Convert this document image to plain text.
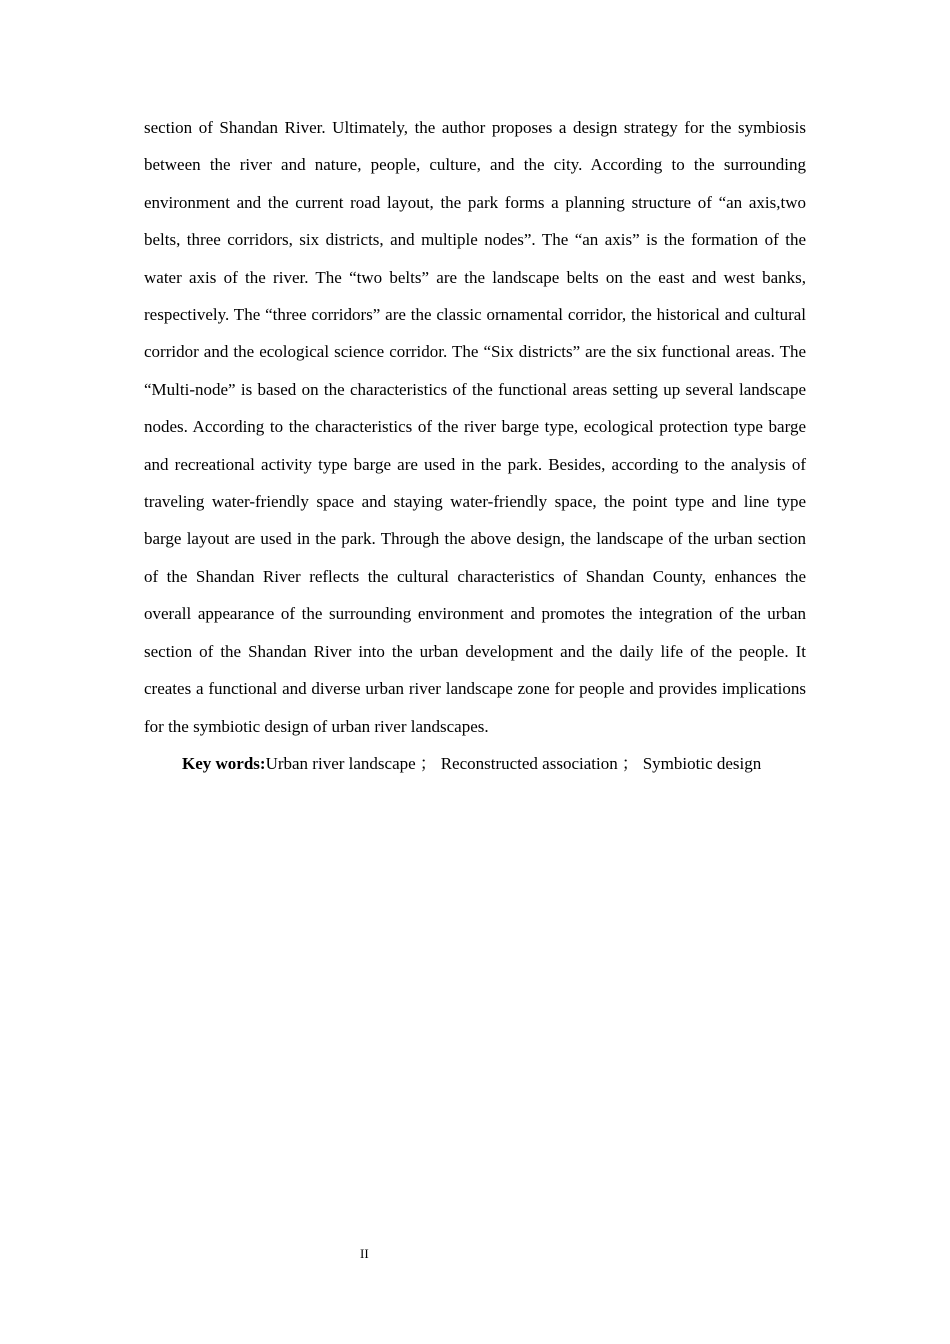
section of Shandan River. Ultimately, the author proposes a design strategy for the symbiosis between the river and nature, people, culture, and the city. According to the surrounding environment and the current road layout, the park forms a planning structure of “an axis,two belts, three corridors, six districts, and multiple nodes”. The “an axis” is the formation of the water axis of the river. The “two belts” are the landscape belts on the east and west banks, respectively. The “three corridors” are the classic ornamental corridor, the historical and cultural corridor and the ecological science corridor. The “Six districts” are the six functional areas. The “Multi-node” is based on the characteristics of the functional areas setting up several landscape nodes. According to the characteristics of the river barge type, ecological protection type barge and recreational activity type barge are used in the park. Besides, according to the analysis of traveling water-friendly space and staying water-friendly space, the point type and line type barge layout are used in the park. Through the above design, the landscape of the urban section of the Shandan River reflects the cultural characteristics of Shandan County, enhances the overall appearance of the surrounding environment and promotes the integration of the urban section of the Shandan River into the urban development and the daily life of the people. It creates a functional and diverse urban river landscape zone for people and provides implications for the symbiotic design of urban river landscapes.

Key words:Urban river landscape ； Reconstructed association ； Symbiotic design

II
